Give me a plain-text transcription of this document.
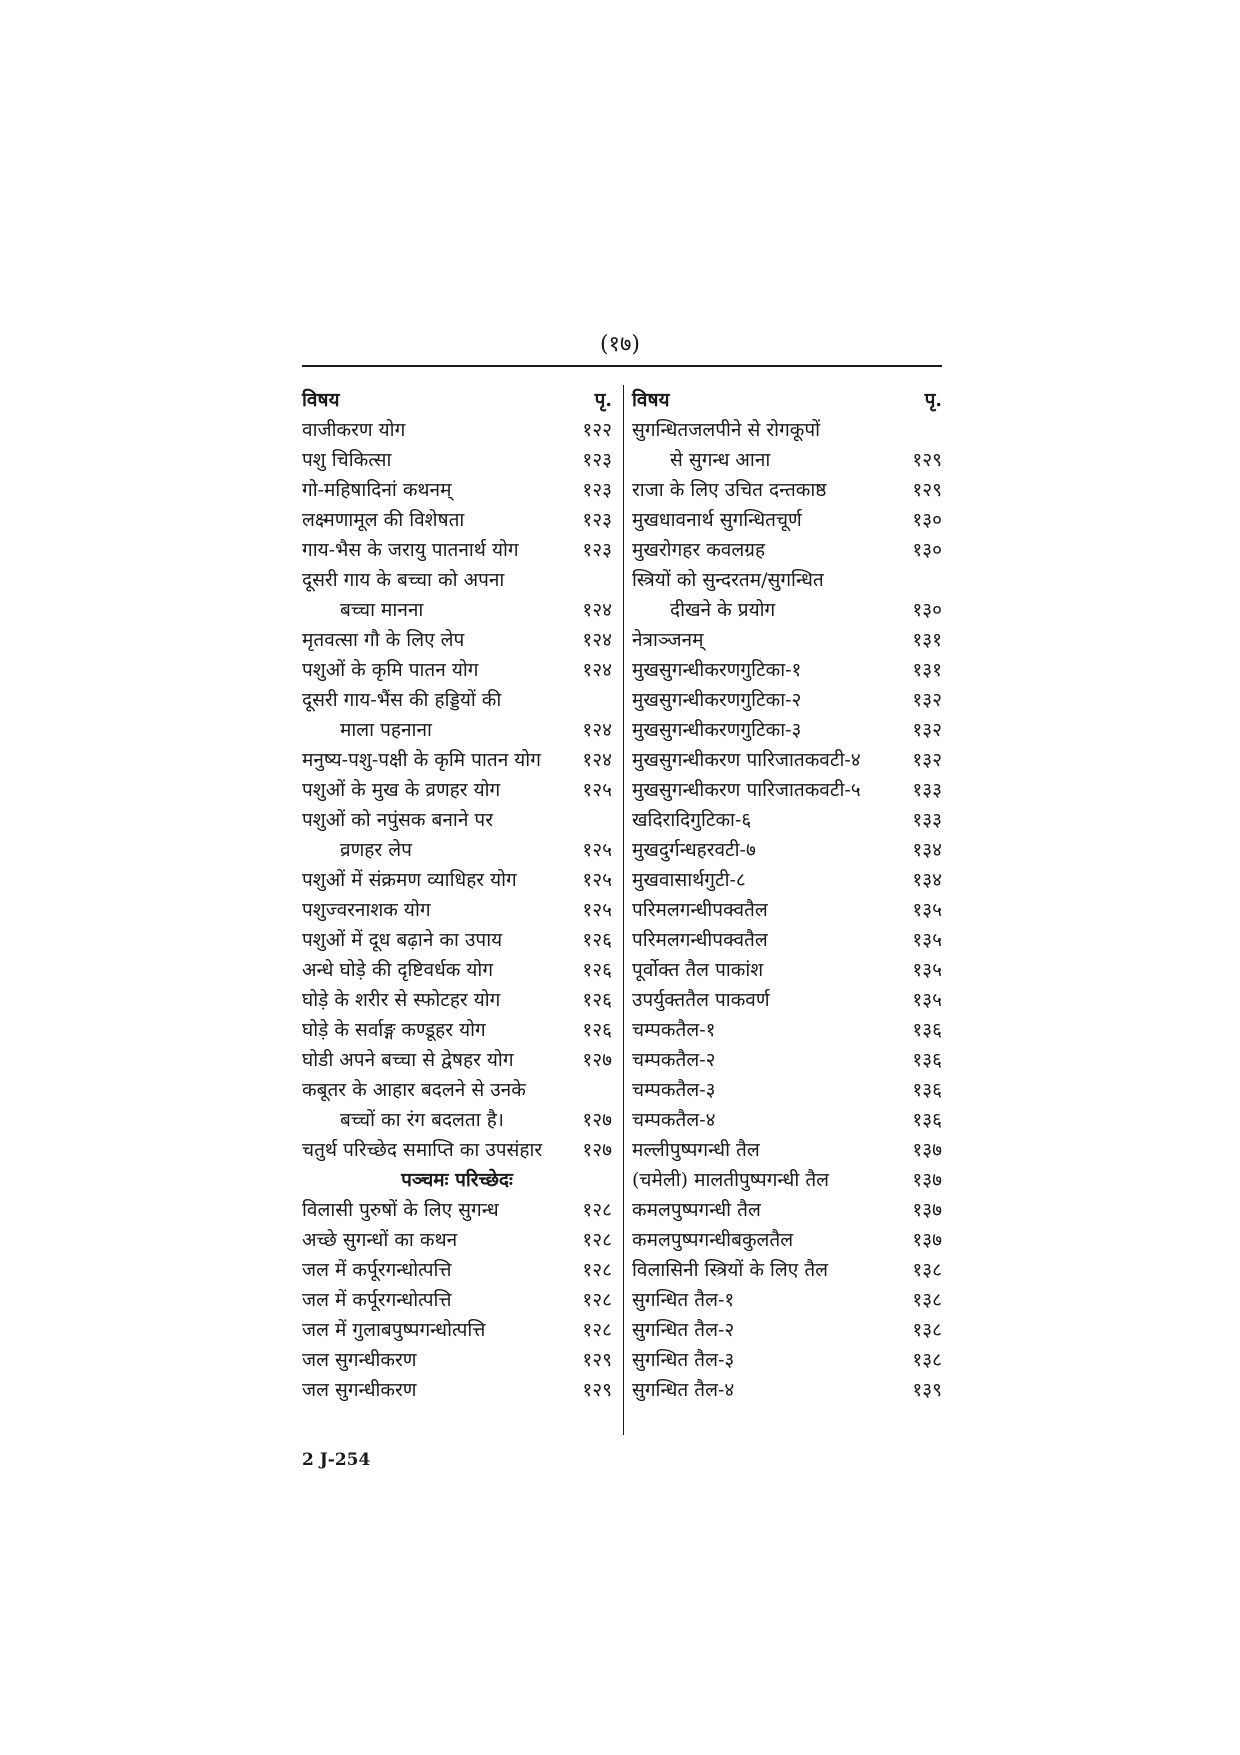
(१७)
विषय	पृ.
वाजीकरण योग	१२२
पशु चिकित्सा	१२३
गो-महिषादिनां कथनम्	१२३
लक्ष्मणामूल की विशेषता	१२३
गाय-भैस के जरायु पातनार्थ योग	१२३
दूसरी गाय के बच्चा को अपना
बच्चा मानना	१२४
मृतवत्सा गौ के लिए लेप	१२४
पशुओं के कृमि पातन योग	१२४
दूसरी गाय-भैंस की हड्डियों की
माला पहनाना	१२४
मनुष्य-पशु-पक्षी के कृमि पातन योग १२४
पशुओं के मुख के व्रणहर योग	१२५
पशुओं को नपुंसक बनाने पर
व्रणहर लेप	१२५
पशुओं में संक्रमण व्याधिहर योग	१२५
पशुज्वरनाशक योग	१२५
पशुओं में दूध बढ़ाने का उपाय	१२६
अन्धे घोड़े की दृष्टिवर्धक योग	१२६
घोड़े के शरीर से स्फोटहर योग	१२६
घोड़े के सर्वाङ्ग कण्डूहर योग	१२६
घोडी अपने बच्चा से द्वेषहर योग	१२७
कबूतर के आहार बदलने से उनके
बच्चों का रंग बदलता है।	१२७
चतुर्थ परिच्छेद समाप्ति का उपसंहार १२७
पञ्चमः परिच्छेदः
विलासी पुरुषों के लिए सुगन्ध	१२८
अच्छे सुगन्धों का कथन	१२८
जल में कर्पूरगन्धोत्पत्ति	१२८
जल में कर्पूरगन्धोत्पत्ति	१२८
जल में गुलाबपुष्पगन्धोत्पत्ति	१२८
जल सुगन्धीकरण	१२९
जल सुगन्धीकरण	१२९
विषय	पृ.
सुगन्धितजलपीने से रोगकूपों
से सुगन्ध आना	१२९
राजा के लिए उचित दन्तकाष्ठ	१२९
मुखधावनार्थ सुगन्धितचूर्ण	१३०
मुखरोगहर कवलग्रह	१३०
स्त्रियों को सुन्दरतम/सुगन्धित
दीखने के प्रयोग	१३०
नेत्राञ्जनम्	१३१
मुखसुगन्धीकरणगुटिका-१	१३१
मुखसुगन्धीकरणगुटिका-२	१३२
मुखसुगन्धीकरणगुटिका-३	१३२
मुखसुगन्धीकरण पारिजातकवटी-४	१३२
मुखसुगन्धीकरण पारिजातकवटी-५	१३३
खदिरादिगुटिका-६	१३३
मुखदुर्गन्धहरवटी-७	१३४
मुखवासार्थगुटी-८	१३४
परिमलगन्धीपक्वतैल	१३५
परिमलगन्धीपक्वतैल	१३५
पूर्वोक्त तैल पाकांश	१३५
उपर्युक्ततैल पाकवर्ण	१३५
चम्पकतैल-१	१३६
चम्पकतैल-२	१३६
चम्पकतैल-३	१३६
चम्पकतैल-४	१३६
मल्लीपुष्पगन्धी तैल	१३७
(चमेली) मालतीपुष्पगन्धी तैल	१३७
कमलपुष्पगन्धी तैल	१३७
कमलपुष्पगन्धीबकुलतैल	१३७
विलासिनी स्त्रियों के लिए तैल	१३८
सुगन्धित तैल-१	१३८
सुगन्धित तैल-२	१३८
सुगन्धित तैल-३	१३८
सुगन्धित तैल-४	१३९
2 J-254
